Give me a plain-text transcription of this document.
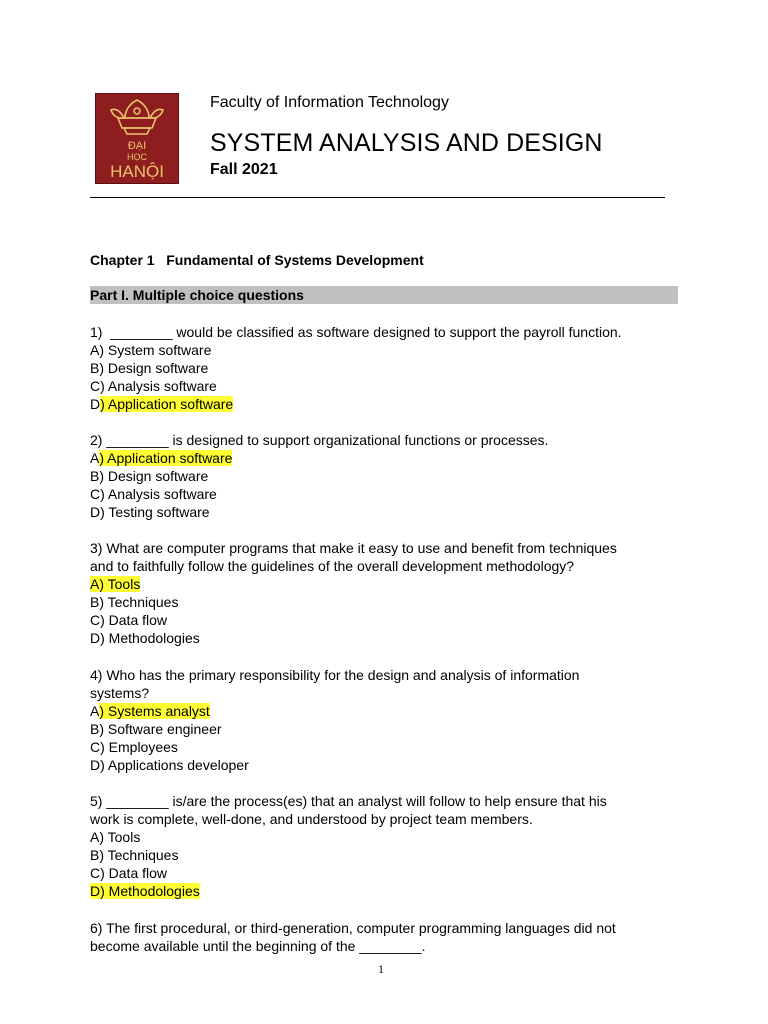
ĐẠI
HỌC
HANỘI
Faculty of Information Technology
SYSTEM ANALYSIS AND DESIGN
Fall 2021
Chapter 1   Fundamental of Systems Development
Part I. Multiple choice questions
1)  ________ would be classified as software designed to support the payroll function.
A) System software
B) Design software
C) Analysis software
D) Application software
2) ________ is designed to support organizational functions or processes.
A) Application software
B) Design software
C) Analysis software
D) Testing software
3) What are computer programs that make it easy to use and benefit from techniques
and to faithfully follow the guidelines of the overall development methodology?
A) Tools
B) Techniques
C) Data flow
D) Methodologies
4) Who has the primary responsibility for the design and analysis of information
systems?
A) Systems analyst
B) Software engineer
C) Employees
D) Applications developer
5) ________ is/are the process(es) that an analyst will follow to help ensure that his
work is complete, well-done, and understood by project team members.
A) Tools
B) Techniques
C) Data flow
D) Methodologies
6) The first procedural, or third-generation, computer programming languages did not
become available until the beginning of the ________.
1
